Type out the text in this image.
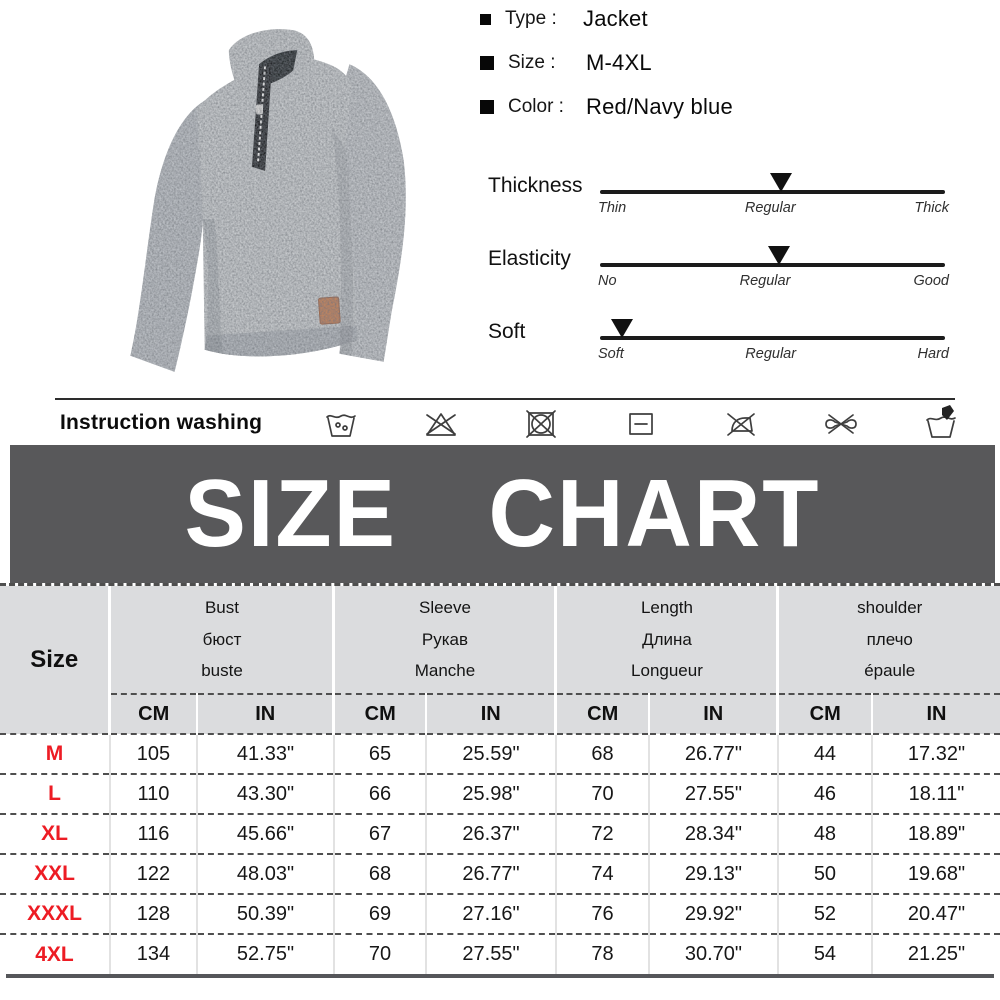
Type :	Jacket
Size :	M-4XL
Color :	Red/Navy blue
Thickness
Thin	Regular	Thick
Elasticity
No	Regular	Good
Soft
Soft	Regular	Hard
Instruction washing
SIZE CHART
Size	
Bust
бюст
buste

Sleeve
Рукав
Manche

Length
Длина
Longueur

shoulder
плечо
épaule

	CM	IN	CM	IN	CM	IN	CM	IN
M	105	41.33"	65	25.59"	68	26.77"	44	17.32"
L	110	43.30"	66	25.98"	70	27.55"	46	18.11"
XL	116	45.66"	67	26.37"	72	28.34"	48	18.89"
XXL	122	48.03"	68	26.77"	74	29.13"	50	19.68"
XXXL	128	50.39"	69	27.16"	76	29.92"	52	20.47"
4XL	134	52.75"	70	27.55"	78	30.70"	54	21.25"
